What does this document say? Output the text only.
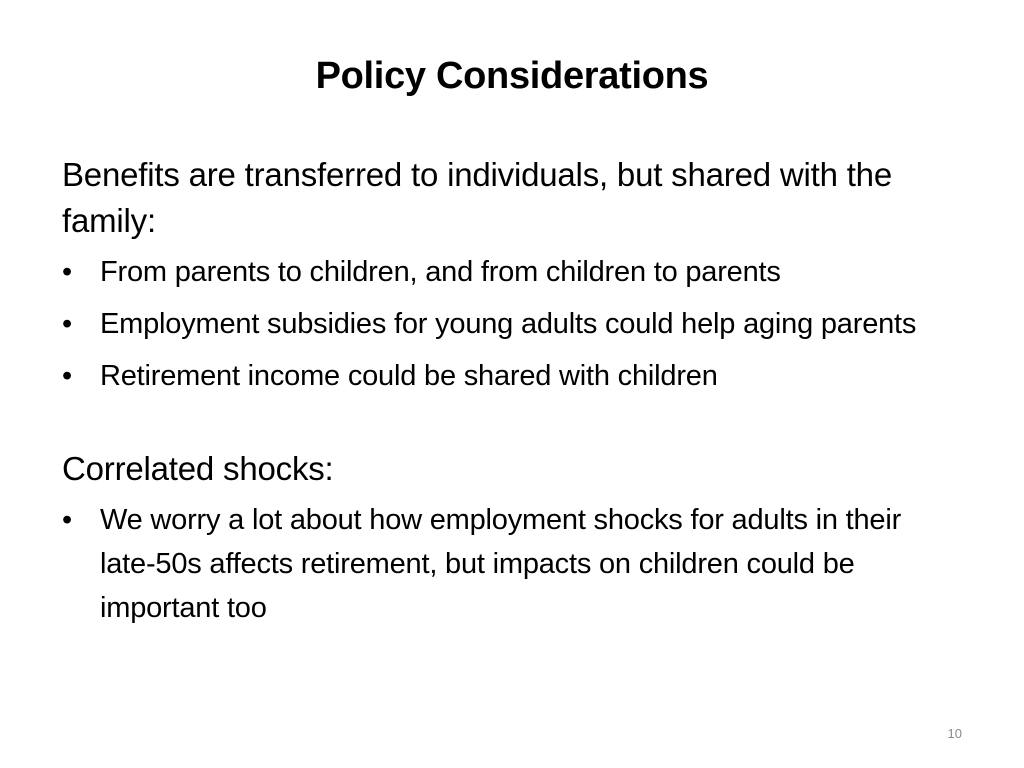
Policy Considerations

Benefits are transferred to individuals, but shared with the family:

• From parents to children, and from children to parents
• Employment subsidies for young adults could help aging parents
• Retirement income could be shared with children

Correlated shocks:

• We worry a lot about how employment shocks for adults in their late-50s affects retirement, but impacts on children could be important too
10
